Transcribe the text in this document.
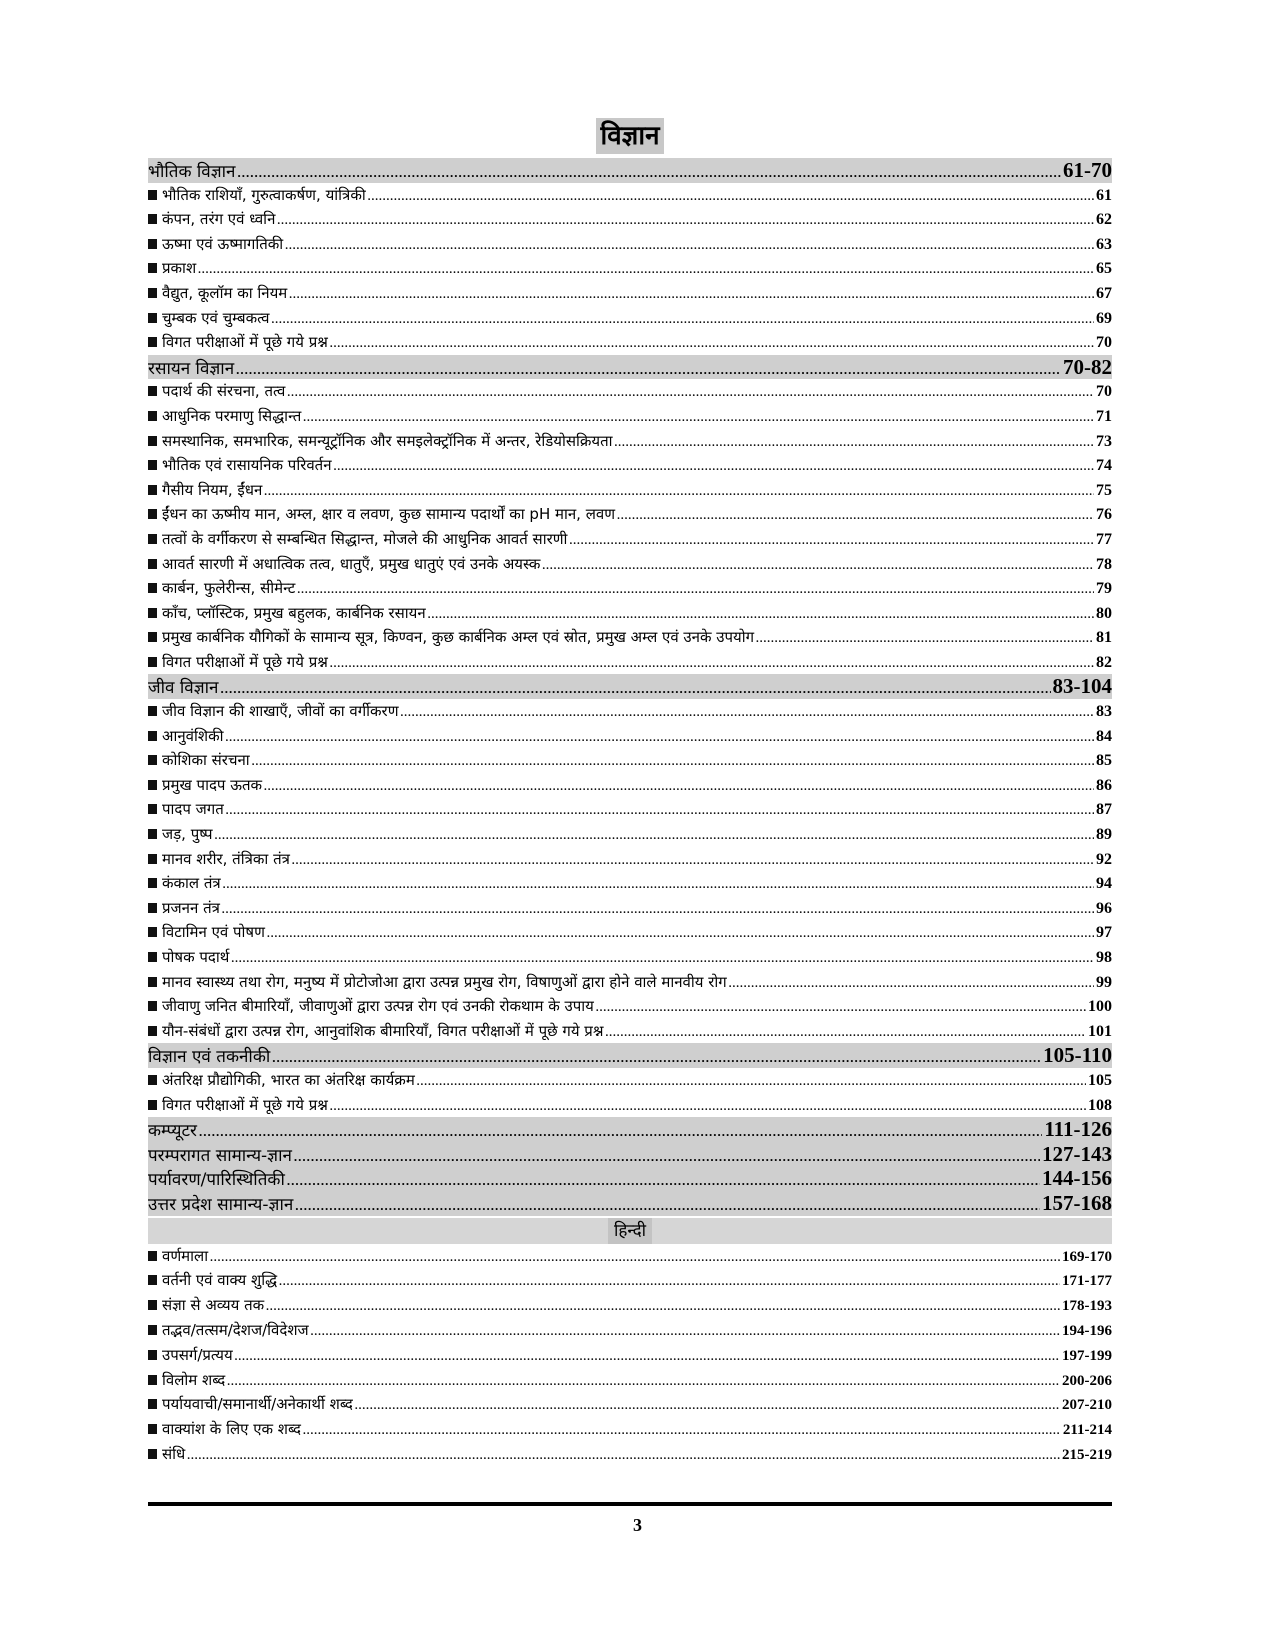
विज्ञान
भौतिक विज्ञान .....	61-70
भौतिक राशियाँ, गुरुत्वाकर्षण, यांत्रिकी .....	61
कंपन, तरंग एवं ध्वनि .....	62
ऊष्मा एवं ऊष्मागतिकी .....	63
प्रकाश .....	65
वैद्युत, कूलॉम का नियम .....	67
चुम्बक एवं चुम्बकत्व .....	69
विगत परीक्षाओं में पूछे गये प्रश्न .....	70
रसायन विज्ञान .....	70-82
पदार्थ की संरचना, तत्व .....	70
आधुनिक परमाणु सिद्धान्त .....	71
समस्थानिक, समभारिक, समन्यूट्रॉनिक और समइलेक्ट्रॉनिक में अन्तर, रेडियोसक्रियता .....	73
भौतिक एवं रासायनिक परिवर्तन .....	74
गैसीय नियम, ईंधन .....	75
ईंधन का ऊष्मीय मान, अम्ल, क्षार व लवण, कुछ सामान्य पदार्थों का pH मान, लवण .....	76
तत्वों के वर्गीकरण से सम्बन्धित सिद्धान्त, मोजले की आधुनिक आवर्त सारणी .....	77
आवर्त सारणी में अधात्विक तत्व, धातुएँ, प्रमुख धातुएं एवं उनके अयस्क .....	78
कार्बन, फुलेरीन्स, सीमेन्ट .....	79
काँच, प्लॉस्टिक, प्रमुख बहुलक, कार्बनिक रसायन .....	80
प्रमुख कार्बनिक यौगिकों के सामान्य सूत्र, किण्वन, कुछ कार्बनिक अम्ल एवं स्रोत, प्रमुख अम्ल एवं उनके उपयोग .....	81
विगत परीक्षाओं में पूछे गये प्रश्न .....	82
जीव विज्ञान .....	83-104
जीव विज्ञान की शाखाएँ, जीवों का वर्गीकरण .....	83
आनुवंशिकी .....	84
कोशिका संरचना .....	85
प्रमुख पादप ऊतक .....	86
पादप जगत .....	87
जड़, पुष्प .....	89
मानव शरीर, तंत्रिका तंत्र .....	92
कंकाल तंत्र .....	94
प्रजनन तंत्र .....	96
विटामिन एवं पोषण .....	97
पोषक पदार्थ .....	98
मानव स्वास्थ्य तथा रोग, मनुष्य में प्रोटोजोआ द्वारा उत्पन्न प्रमुख रोग, विषाणुओं द्वारा होने वाले मानवीय रोग .....	99
जीवाणु जनित बीमारियाँ, जीवाणुओं द्वारा उत्पन्न रोग एवं उनकी रोकथाम के उपाय .....	100
यौन-संबंधों द्वारा उत्पन्न रोग, आनुवांशिक बीमारियाँ, विगत परीक्षाओं में पूछे गये प्रश्न .....	101
विज्ञान एवं तकनीकी .....	105-110
अंतरिक्ष प्रौद्योगिकी, भारत का अंतरिक्ष कार्यक्रम .....	105
विगत परीक्षाओं में पूछे गये प्रश्न .....	108
कम्प्यूटर .....	111-126
परम्परागत सामान्य-ज्ञान .....	127-143
पर्यावरण/पारिस्थितिकी .....	144-156
उत्तर प्रदेश सामान्य-ज्ञान .....	157-168
हिन्दी
वर्णमाला .....	169-170
वर्तनी एवं वाक्य शुद्धि .....	171-177
संज्ञा से अव्यय तक .....	178-193
तद्भव/तत्सम/देशज/विदेशज .....	194-196
उपसर्ग/प्रत्यय .....	197-199
विलोम शब्द .....	200-206
पर्यायवाची/समानार्थी/अनेकार्थी शब्द .....	207-210
वाक्यांश के लिए एक शब्द .....	211-214
संधि .....	215-219
3
